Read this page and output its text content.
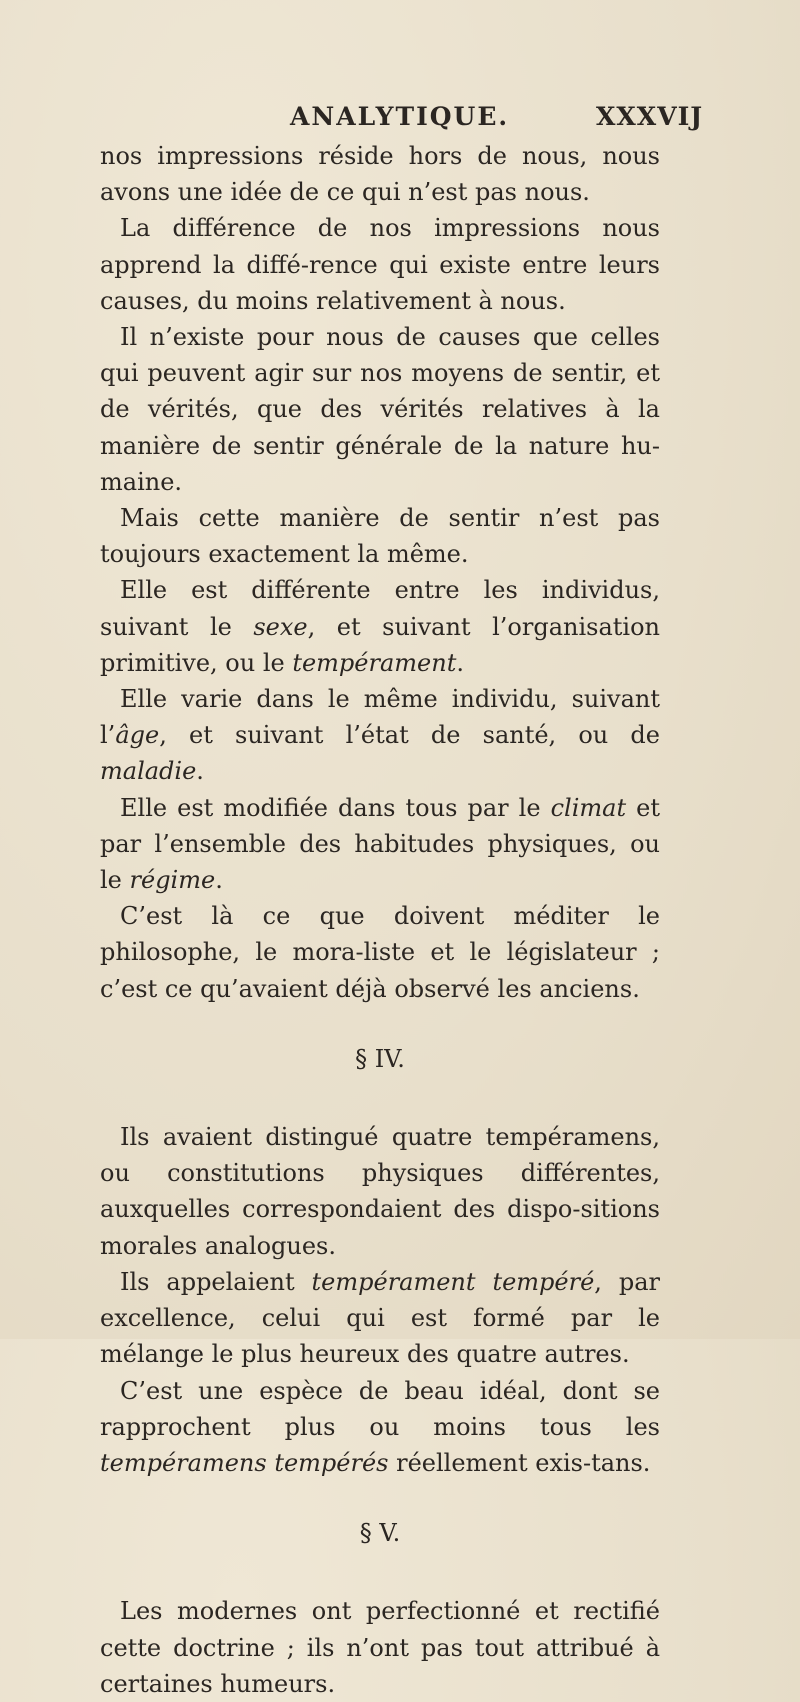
ANALYTIQUE.	XXXVIJ

nos impressions réside hors de nous, nous avons une idée de ce qui n’est pas nous.

La différence de nos impressions nous apprend la diffé-rence qui existe entre leurs causes, du moins relativement à nous.

Il n’existe pour nous de causes que celles qui peuvent agir sur nos moyens de sentir, et de vérités, que des vérités relatives à la manière de sentir générale de la nature hu-maine.

Mais cette manière de sentir n’est pas toujours exactement la même.

Elle est différente entre les individus, suivant le sexe, et suivant l’organisation primitive, ou le tempérament.

Elle varie dans le même individu, suivant l’âge, et suivant l’état de santé, ou de maladie.

Elle est modifiée dans tous par le climat et par l’ensemble des habitudes physiques, ou le régime.

C’est là ce que doivent méditer le philosophe, le mora-liste et le législateur ; c’est ce qu’avaient déjà observé les anciens.

§ IV.

Ils avaient distingué quatre tempéramens, ou constitutions physiques différentes, auxquelles correspondaient des dispo-sitions morales analogues.

Ils appelaient tempérament tempéré, par excellence, celui qui est formé par le mélange le plus heureux des quatre autres.

C’est une espèce de beau idéal, dont se rapprochent plus ou moins tous les tempéramens tempérés réellement exis-tans.

§ V.

Les modernes ont perfectionné et rectifié cette doctrine ; ils n’ont pas tout attribué à certaines humeurs.
